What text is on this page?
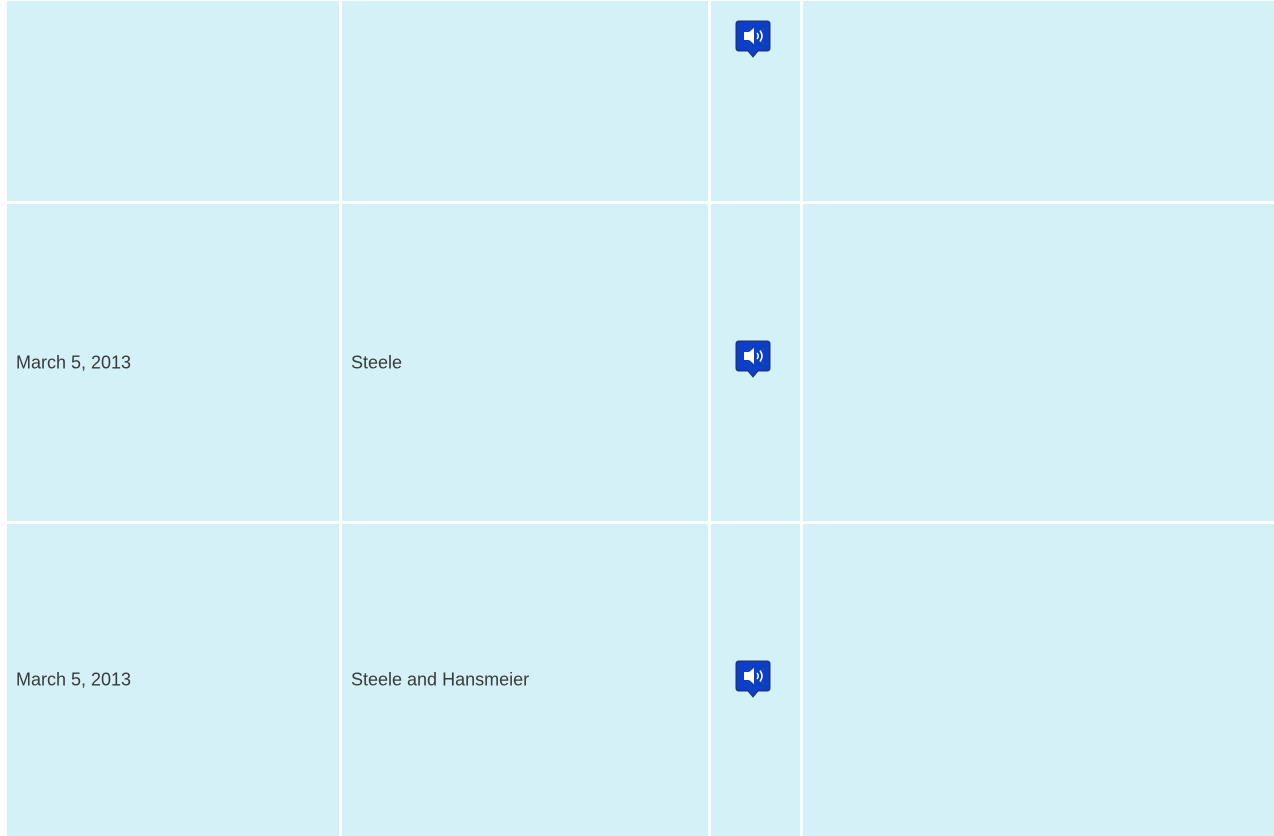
March 5, 2013	Steele
March 5, 2013	Steele and Hansmeier
